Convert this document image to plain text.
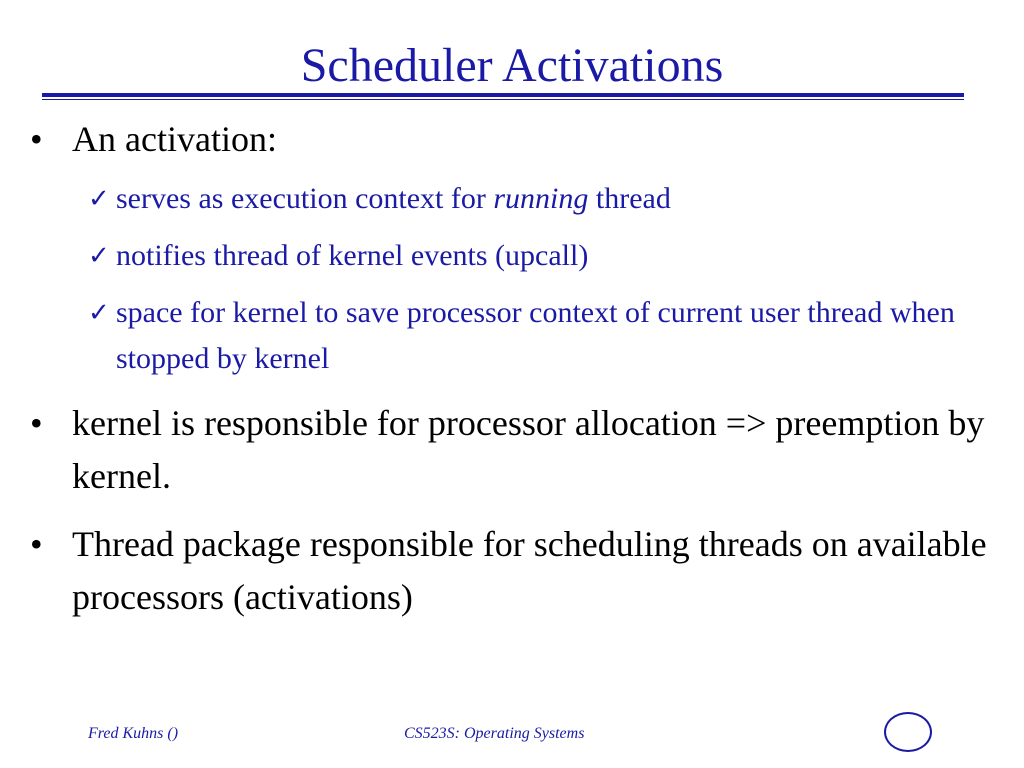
Scheduler Activations
• An activation:
✓ serves as execution context for running thread
✓ notifies thread of kernel events (upcall)
✓ space for kernel to save processor context of current user thread when stopped by kernel
• kernel is responsible for processor allocation => preemption by kernel.
• Thread package responsible for scheduling threads on available processors (activations)
Fred Kuhns ()	CS523S: Operating Systems
